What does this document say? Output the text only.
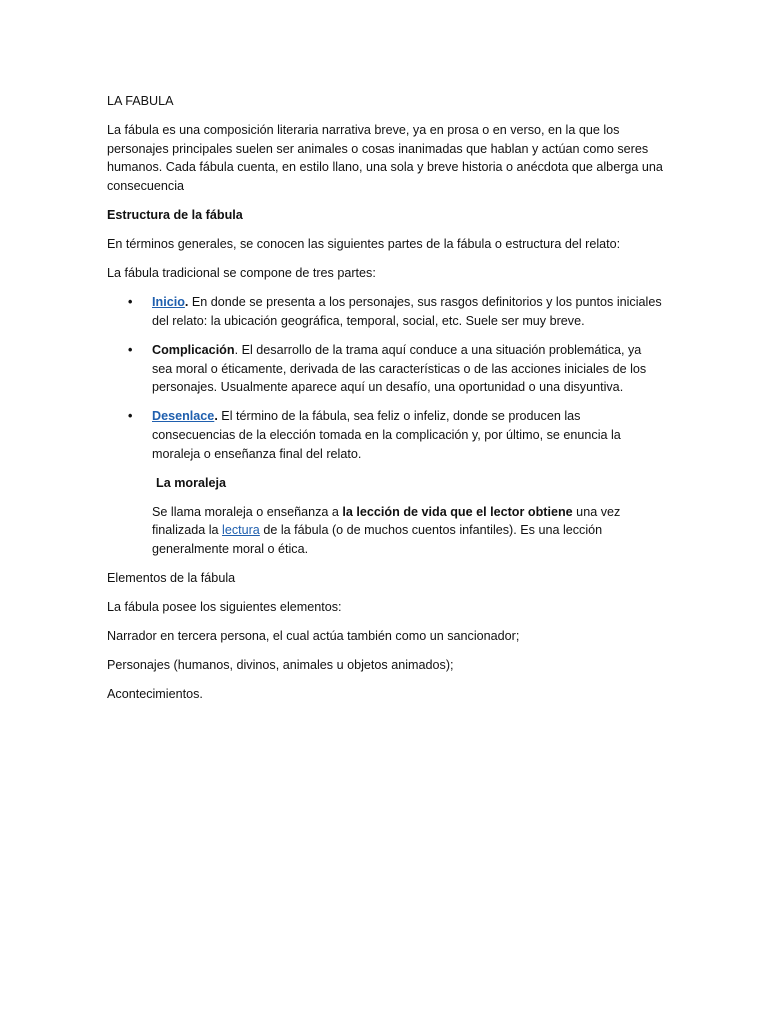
LA FABULA

La fábula es una composición literaria narrativa breve, ya en prosa o en verso, en la que los personajes principales suelen ser animales o cosas inanimadas que hablan y actúan como seres humanos. Cada fábula cuenta, en estilo llano, una sola y breve historia o anécdota que alberga una consecuencia

Estructura de la fábula

En términos generales, se conocen las siguientes partes de la fábula o estructura del relato:

La fábula tradicional se compone de tres partes:

• Inicio. En donde se presenta a los personajes, sus rasgos definitorios y los puntos iniciales del relato: la ubicación geográfica, temporal, social, etc. Suele ser muy breve.
• Complicación. El desarrollo de la trama aquí conduce a una situación problemática, ya sea moral o éticamente, derivada de las características o de las acciones iniciales de los personajes. Usualmente aparece aquí un desafío, una oportunidad o una disyuntiva.
• Desenlace. El término de la fábula, sea feliz o infeliz, donde se producen las consecuencias de la elección tomada en la complicación y, por último, se enuncia la moraleja o enseñanza final del relato.

La moraleja

Se llama moraleja o enseñanza a la lección de vida que el lector obtiene una vez finalizada la lectura de la fábula (o de muchos cuentos infantiles). Es una lección generalmente moral o ética.

Elementos de la fábula

La fábula posee los siguientes elementos:

Narrador en tercera persona, el cual actúa también como un sancionador;

Personajes (humanos, divinos, animales u objetos animados);

Acontecimientos.
